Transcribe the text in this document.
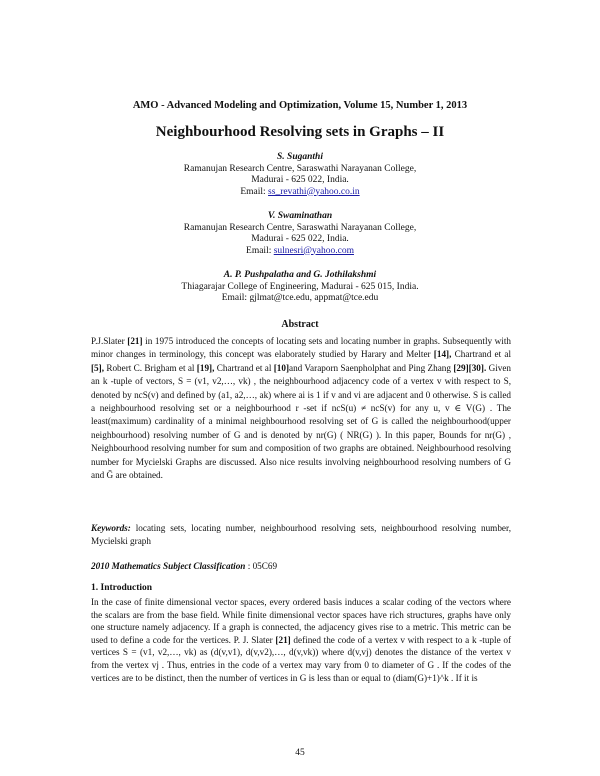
AMO - Advanced Modeling and Optimization, Volume 15, Number 1, 2013
Neighbourhood Resolving sets in Graphs – II
S. Suganthi
Ramanujan Research Centre, Saraswathi Narayanan College,
Madurai - 625 022, India.
Email: ss_revathi@yahoo.co.in
V. Swaminathan
Ramanujan Research Centre, Saraswathi Narayanan College,
Madurai - 625 022, India.
Email: sulnesri@yahoo.com
A. P. Pushpalatha and G. Jothilakshmi
Thiagarajar College of Engineering, Madurai - 625 015, India.
Email: gjlmat@tce.edu, appmat@tce.edu
Abstract
P.J.Slater [21] in 1975 introduced the concepts of locating sets and locating number in graphs. Subsequently with minor changes in terminology, this concept was elaborately studied by Harary and Melter [14], Chartrand et al [5], Robert C. Brigham et al [19], Chartrand et al [10]and Varaporn Saenpholphat and Ping Zhang [29][30]. Given an k -tuple of vectors, S = (v1, v2,…, vk) , the neighbourhood adjacency code of a vertex v with respect to S, denoted by ncS(v) and defined by (a1, a2,…, ak) where ai is 1 if v and vi are adjacent and 0 otherwise. S is called a neighbourhood resolving set or a neighbourhood r -set if ncS(u) ≠ ncS(v) for any u, v ∈ V(G) . The least(maximum) cardinality of a minimal neighbourhood resolving set of G is called the neighbourhood(upper neighbourhood) resolving number of G and is denoted by nr(G) ( NR(G) ). In this paper, Bounds for nr(G) , Neighbourhood resolving number for sum and composition of two graphs are obtained. Neighbourhood resolving number for Mycielski Graphs are discussed. Also nice results involving neighbourhood resolving numbers of G and Ḡ are obtained.
Keywords: locating sets, locating number, neighbourhood resolving sets, neighbourhood resolving number, Mycielski graph
2010 Mathematics Subject Classification : 05C69
1. Introduction
In the case of finite dimensional vector spaces, every ordered basis induces a scalar coding of the vectors where the scalars are from the base field. While finite dimensional vector spaces have rich structures, graphs have only one structure namely adjacency. If a graph is connected, the adjacency gives rise to a metric. This metric can be used to define a code for the vertices. P. J. Slater [21] defined the code of a vertex v with respect to a k -tuple of vertices S = (v1, v2,…, vk) as (d(v,v1), d(v,v2),…, d(v,vk)) where d(v,vj) denotes the distance of the vertex v from the vertex vj . Thus, entries in the code of a vertex may vary from 0 to diameter of G . If the codes of the vertices are to be distinct, then the number of vertices in G is less than or equal to (diam(G)+1)^k . If it is
45
